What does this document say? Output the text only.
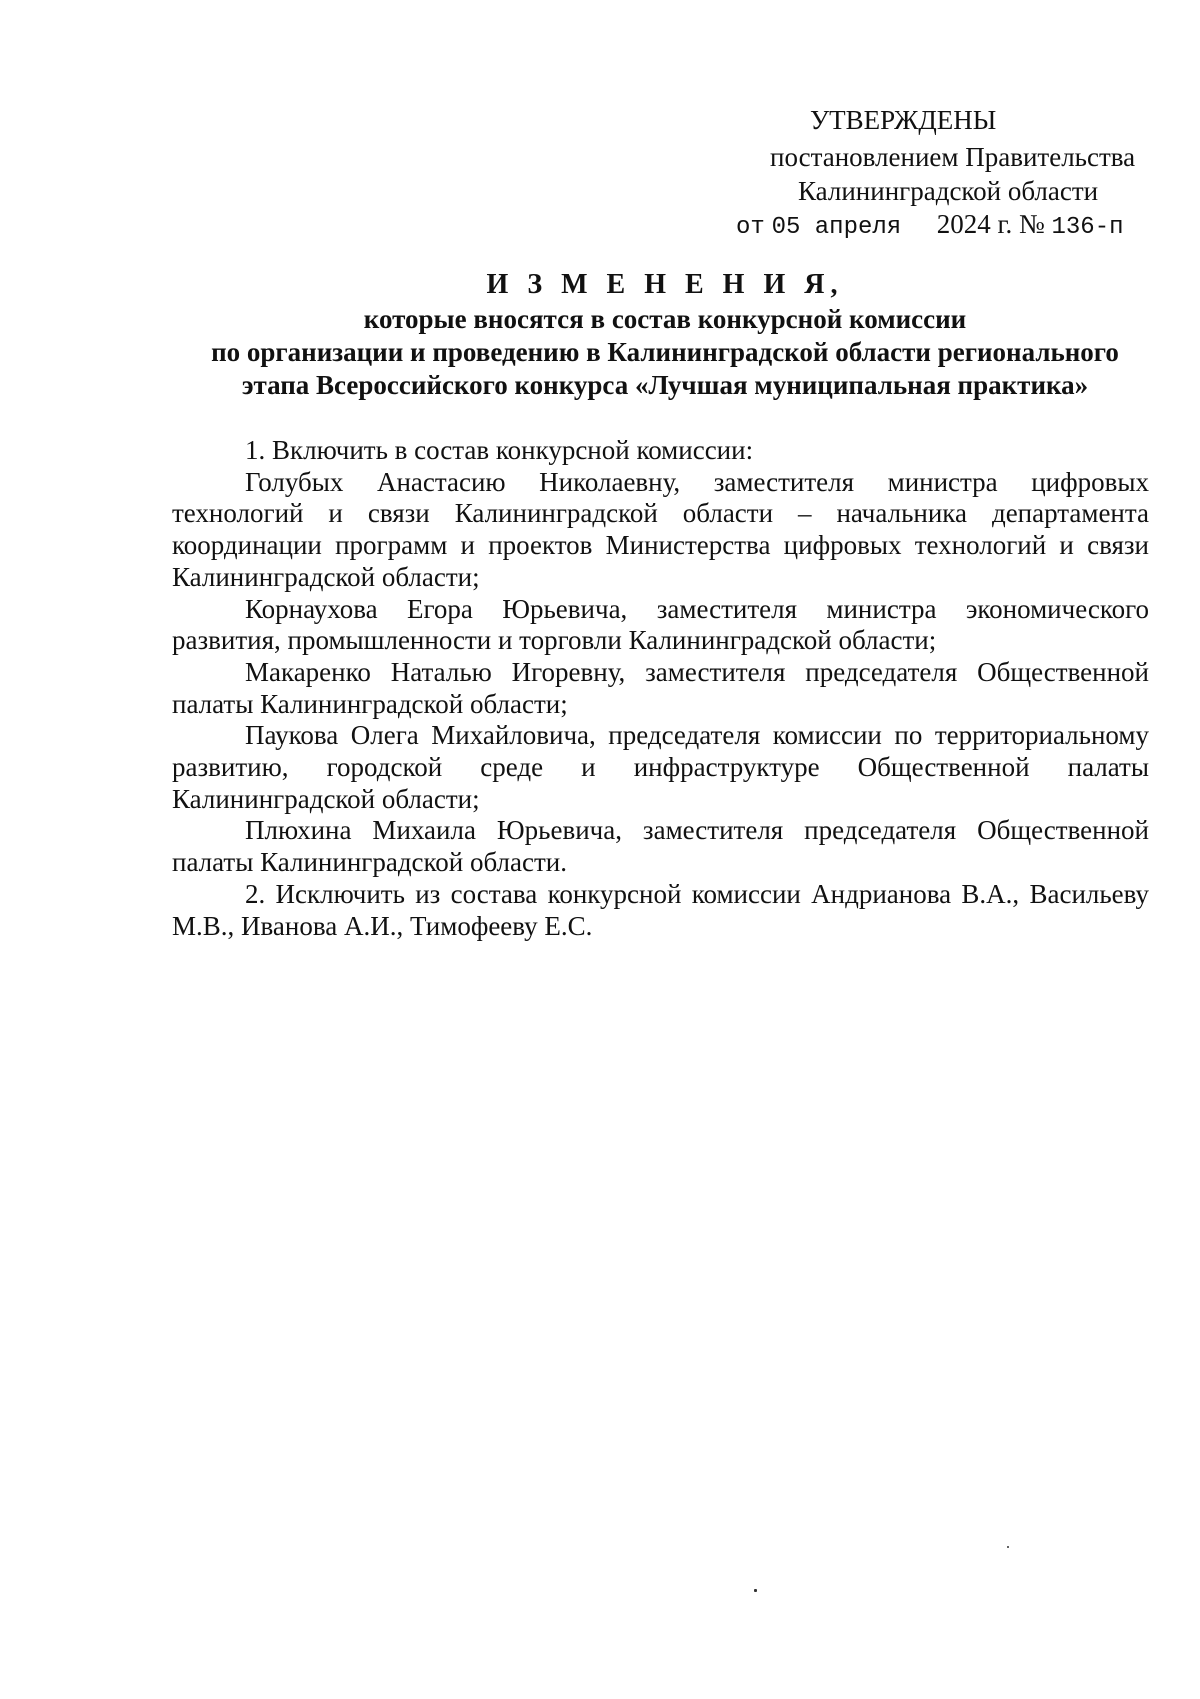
УТВЕРЖДЕНЫ
постановлением Правительства
Калининградской области
от 05 апреля 2024 г. № 136-п
И З М Е Н Е Н И Я,
которые вносятся в состав конкурсной комиссии
по организации и проведению в Калининградской области регионального
этапа Всероссийского конкурса «Лучшая муниципальная практика»

1. Включить в состав конкурсной комиссии:

Голубых Анастасию Николаевну, заместителя министра цифровых технологий и связи Калининградской области – начальника департамента координации программ и проектов Министерства цифровых технологий и связи Калининградской области;

Корнаухова Егора Юрьевича, заместителя министра экономического развития, промышленности и торговли Калининградской области;

Макаренко Наталью Игоревну, заместителя председателя Общественной палаты Калининградской области;

Паукова Олега Михайловича, председателя комиссии по территориальному развитию, городской среде и инфраструктуре Общественной палаты Калининградской области;

Плюхина Михаила Юрьевича, заместителя председателя Общественной палаты Калининградской области.

2. Исключить из состава конкурсной комиссии Андрианова В.А., Васильеву М.В., Иванова А.И., Тимофееву Е.С.
